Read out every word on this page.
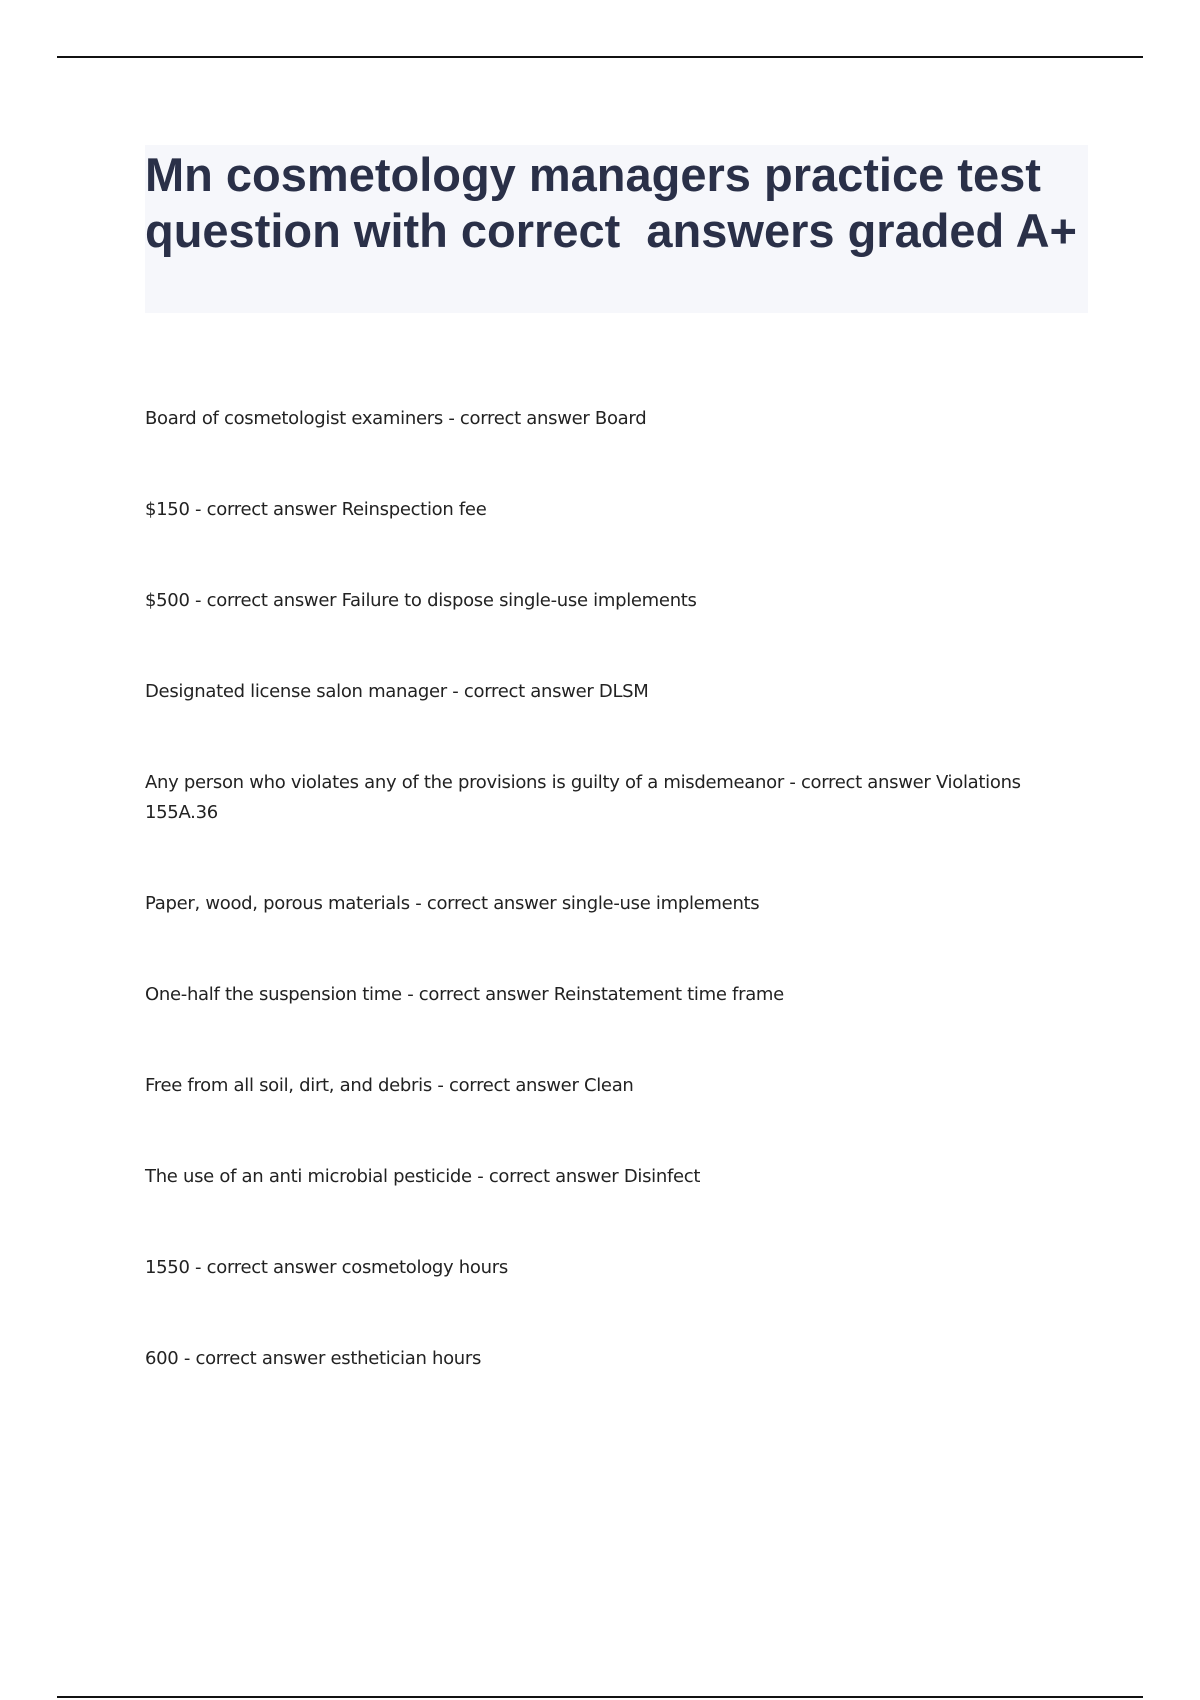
Mn cosmetology managers practice test question with correct  answers graded A+
Board of cosmetologist examiners - correct answer Board
$150 - correct answer Reinspection fee
$500 - correct answer Failure to dispose single-use implements
Designated license salon manager - correct answer DLSM
Any person who violates any of the provisions is guilty of a misdemeanor - correct answer Violations 155A.36
Paper, wood, porous materials - correct answer single-use implements
One-half the suspension time - correct answer Reinstatement time frame
Free from all soil, dirt, and debris - correct answer Clean
The use of an anti microbial pesticide - correct answer Disinfect
1550 - correct answer cosmetology hours
600 - correct answer esthetician hours
